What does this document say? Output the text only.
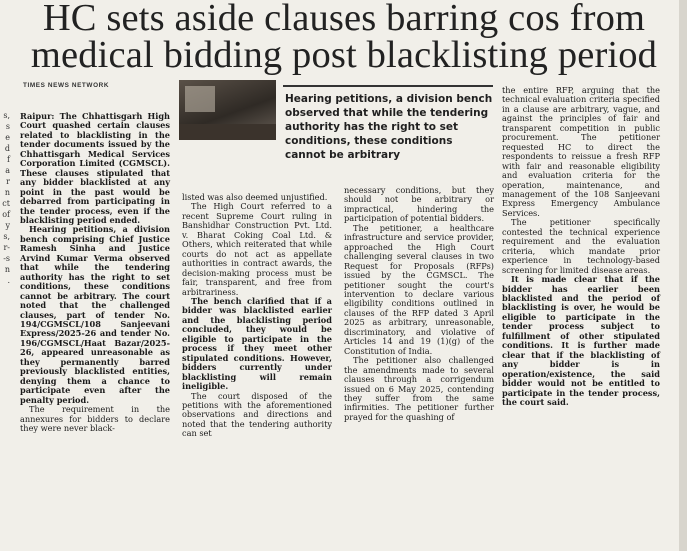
HC sets aside clauses barring cos from
medical bidding post blacklisting period
TIMES NEWS NETWORK

Hearing petitions, a division bench observed that while the tendering authority has the right to set conditions, these conditions cannot be arbitrary

s,
s
e
d
f
a
r
n
ct
of
y
s,
r-
-s
n
.

Raipur: The Chhattisgarh High Court quashed certain clauses related to blacklisting in the tender documents issued by the Chhattisgarh Medical Services Corporation Limited (CGMSCL). These clauses stipulated that any bidder blacklisted at any point in the past would be debarred from participating in the tender process, even if the blacklisting period ended.

Hearing petitions, a division bench comprising Chief Justice Ramesh Sinha and Justice Arvind Kumar Verma observed that while the tendering authority has the right to set conditions, these conditions cannot be arbitrary. The court noted that the challenged clauses, part of tender No. 194/CGMSCL/108 Sanjeevani Express/2025-26 and tender No. 196/CGMSCL/Haat Bazar/2025-26, appeared unreasonable as they permanently barred previously blacklisted entities, denying them a chance to participate even after the penalty period.

The requirement in the annexures for bidders to declare they were never black-

listed was also deemed unjustified.

The High Court referred to a recent Supreme Court ruling in Banshidhar Construction Pvt. Ltd. v. Bharat Coking Coal Ltd. & Others, which reiterated that while courts do not act as appellate authorities in contract awards, the decision-making process must be fair, transparent, and free from arbitrariness.

The bench clarified that if a bidder was blacklisted earlier and the blacklisting period concluded, they would be eligible to participate in the process if they meet other stipulated conditions. However, bidders currently under blacklisting will remain ineligible.

The court disposed of the petitions with the aforementioned observations and directions and noted that the tendering authority can set

necessary conditions, but they should not be arbitrary or impractical, hindering the participation of potential bidders.

The petitioner, a healthcare infrastructure and service provider, approached the High Court challenging several clauses in two Request for Proposals (RFPs) issued by the CGMSCL. The petitioner sought the court's intervention to declare various eligibility conditions outlined in clauses of the RFP dated 3 April 2025 as arbitrary, unreasonable, discriminatory, and violative of Articles 14 and 19 (1)(g) of the Constitution of India.

The petitioner also challenged the amendments made to several clauses through a corrigendum issued on 6 May 2025, contending they suffer from the same infirmities. The petitioner further prayed for the quashing of

the entire RFP, arguing that the technical evaluation criteria specified in a clause are arbitrary, vague, and against the principles of fair and transparent competition in public procurement. The petitioner requested HC to direct the respondents to reissue a fresh RFP with fair and reasonable eligibility and evaluation criteria for the operation, maintenance, and management of the 108 Sanjeevani Express Emergency Ambulance Services.

The petitioner specifically contested the technical experience requirement and the evaluation criteria, which mandate prior experience in technology-based screening for limited disease areas.

It is made clear that if the bidder has earlier been blacklisted and the period of blacklisting is over, he would be eligible to participate in the tender process subject to fulfillment of other stipulated conditions. It is further made clear that if the blacklisting of any bidder is in operation/existence, the said bidder would not be entitled to participate in the tender process, the court said.
